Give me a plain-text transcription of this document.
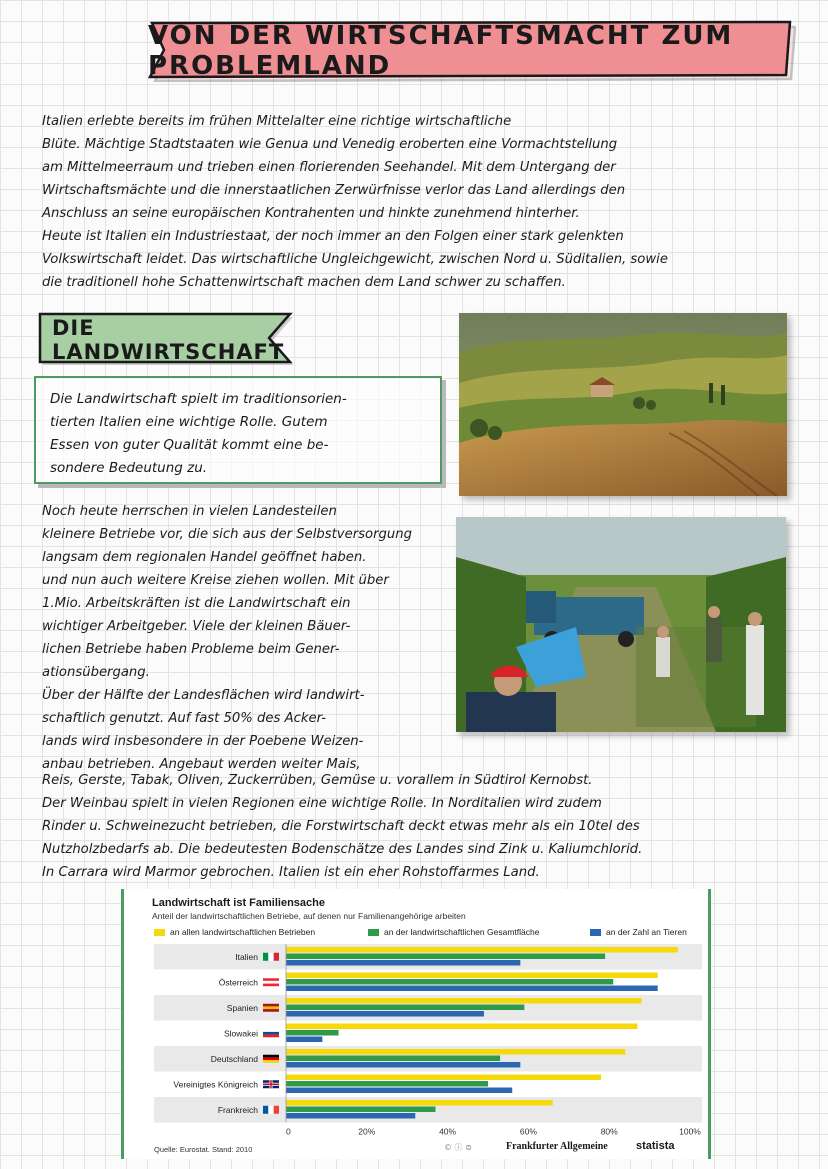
VON DER WIRTSCHAFTSMACHT ZUM PROBLEMLAND
Italien erlebte bereits im frühen Mittelalter eine richtige wirtschaftliche
Blüte. Mächtige Stadtstaaten wie Genua und Venedig eroberten eine Vormachtstellung
am Mittelmeerraum und trieben einen florierenden Seehandel. Mit dem Untergang der
Wirtschaftsmächte und die innerstaatlichen Zerwürfnisse verlor das Land allerdings den
Anschluss an seine europäischen Kontrahenten und hinkte zunehmend hinterher.
Heute ist Italien ein Industriestaat, der noch immer an den Folgen einer stark gelenkten
Volkswirtschaft leidet. Das wirtschaftliche Ungleichgewicht, zwischen Nord u. Süditalien, sowie
die traditionell hohe Schattenwirtschaft machen dem Land schwer zu schaffen.
DIE LANDWIRTSCHAFT
Die Landwirtschaft spielt im traditionsorien-
tierten Italien eine wichtige Rolle. Gutem
Essen von guter Qualität kommt eine be-
sondere Bedeutung zu.
Noch heute herrschen in vielen Landesteilen
kleinere Betriebe vor, die sich aus der Selbstversorgung
langsam dem regionalen Handel geöffnet haben.
und nun auch weitere Kreise ziehen wollen. Mit über
1.Mio. Arbeitskräften ist die Landwirtschaft ein
wichtiger Arbeitgeber. Viele der kleinen Bäuer-
lichen Betriebe haben Probleme beim Gener-
ationsübergang.
Über der Hälfte der Landesflächen wird landwirt-
schaftlich genutzt. Auf fast 50% des Acker-
lands wird insbesondere in der Poebene Weizen-
anbau betrieben. Angebaut werden weiter Mais,
Reis, Gerste, Tabak, Oliven, Zuckerrüben, Gemüse u. vorallem in Südtirol Kernobst.
Der Weinbau spielt in vielen Regionen eine wichtige Rolle. In Norditalien wird zudem
Rinder u. Schweinezucht betrieben, die Forstwirtschaft deckt etwas mehr als ein 10tel des
Nutzholzbedarfs ab. Die bedeutesten Bodenschätze des Landes sind Zink u. Kaliumchlorid.
In Carrara wird Marmor gebrochen. Italien ist ein eher Rohstoffarmes Land.
Landwirtschaft ist Familiensache
Anteil der landwirtschaftlichen Betriebe, auf denen nur Familienangehörige arbeiten
an allen landwirtschaftlichen Betrieben	an der landwirtschaftlichen Gesamtfläche	an der Zahl an Tieren
Italien
Österreich
Spanien
Slowakei
Deutschland
Vereinigtes Königreich
Frankreich
0	20%	40%	60%	80%	100%
Quelle: Eurostat. Stand: 2010	© ⓘ ⊜	Frankfurter Allgemeine	statista
